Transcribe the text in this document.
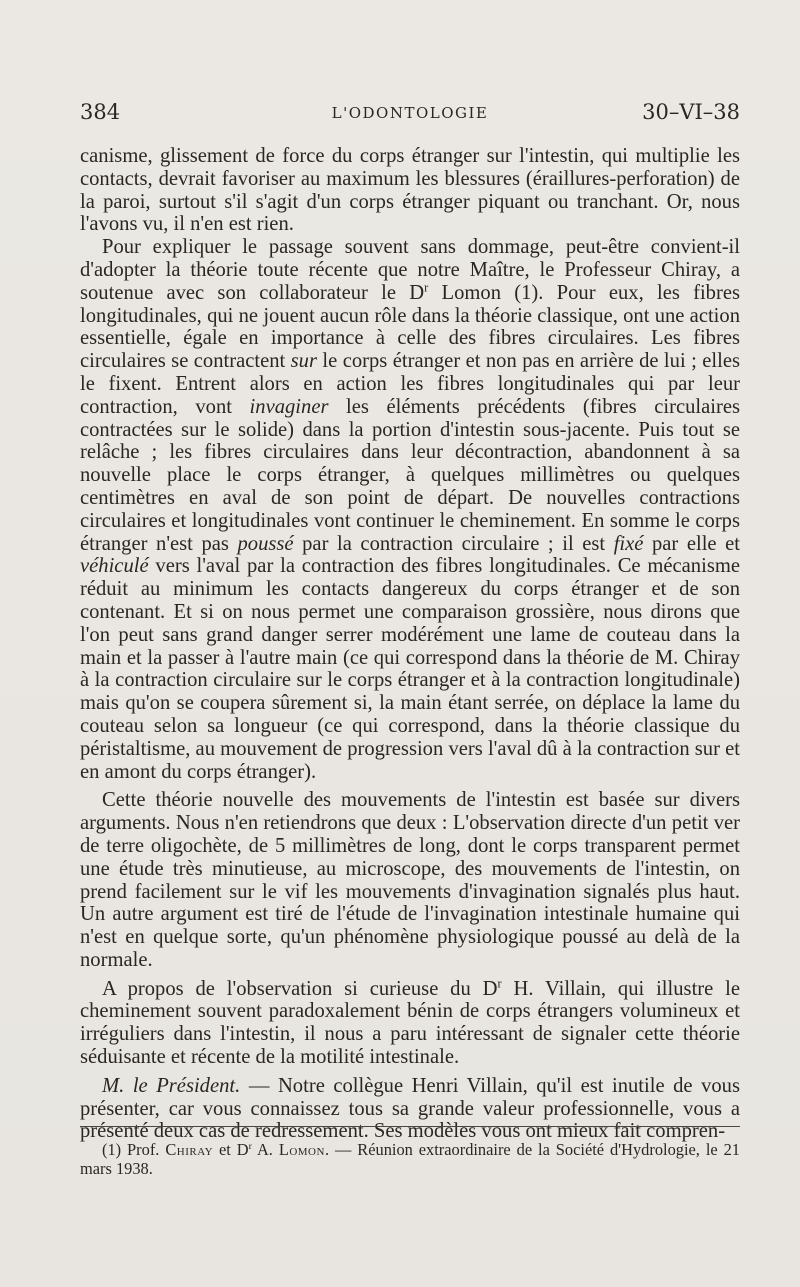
384	L'ODONTOLOGIE	30–VI–38

canisme, glissement de force du corps étranger sur l'intestin, qui multiplie les contacts, devrait favoriser au maximum les blessures (éraillures-perforation) de la paroi, surtout s'il s'agit d'un corps étranger piquant ou tranchant. Or, nous l'avons vu, il n'en est rien.

Pour expliquer le passage souvent sans dommage, peut-être convient-il d'adopter la théorie toute récente que notre Maître, le Professeur Chiray, a soutenue avec son collaborateur le $D^r$ Lomon (1). Pour eux, les fibres longitudinales, qui ne jouent aucun rôle dans la théorie classique, ont une action essentielle, égale en importance à celle des fibres circulaires. Les fibres circulaires se contractent sur le corps étranger et non pas en arrière de lui ; elles le fixent. Entrent alors en action les fibres longitudinales qui par leur contraction, vont invaginer les éléments précédents (fibres circulaires contractées sur le solide) dans la portion d'intestin sous-jacente. Puis tout se relâche ; les fibres circulaires dans leur décontraction, abandonnent à sa nouvelle place le corps étranger, à quelques millimètres ou quelques centimètres en aval de son point de départ. De nouvelles contractions circulaires et longitudinales vont continuer le cheminement. En somme le corps étranger n'est pas poussé par la contraction circulaire ; il est fixé par elle et véhiculé vers l'aval par la contraction des fibres longitudinales. Ce mécanisme réduit au minimum les contacts dangereux du corps étranger et de son contenant. Et si on nous permet une comparaison grossière, nous dirons que l'on peut sans grand danger serrer modérément une lame de couteau dans la main et la passer à l'autre main (ce qui correspond dans la théorie de M. Chiray à la contraction circulaire sur le corps étranger et à la contraction longitudinale) mais qu'on se coupera sûrement si, la main étant serrée, on déplace la lame du couteau selon sa longueur (ce qui correspond, dans la théorie classique du péristaltisme, au mouvement de progression vers l'aval dû à la contraction sur et en amont du corps étranger).

Cette théorie nouvelle des mouvements de l'intestin est basée sur divers arguments. Nous n'en retiendrons que deux : L'observation directe d'un petit ver de terre oligochète, de 5 millimètres de long, dont le corps transparent permet une étude très minutieuse, au microscope, des mouvements de l'intestin, on prend facilement sur le vif les mouvements d'invagination signalés plus haut. Un autre argument est tiré de l'étude de l'invagination intestinale humaine qui n'est en quelque sorte, qu'un phénomène physiologique poussé au delà de la normale.

A propos de l'observation si curieuse du $D^r$ H. Villain, qui illustre le cheminement souvent paradoxalement bénin de corps étrangers volumineux et irréguliers dans l'intestin, il nous a paru intéressant de signaler cette théorie séduisante et récente de la motilité intestinale.

M. le Président. — Notre collègue Henri Villain, qu'il est inutile de vous présenter, car vous connaissez tous sa grande valeur professionnelle, vous a présenté deux cas de redressement. Ses modèles vous ont mieux fait compren-

(1) Prof. Chiray et $D^r$ A. Lomon. — Réunion extraordinaire de la Société d'Hydrologie, le 21 mars 1938.
